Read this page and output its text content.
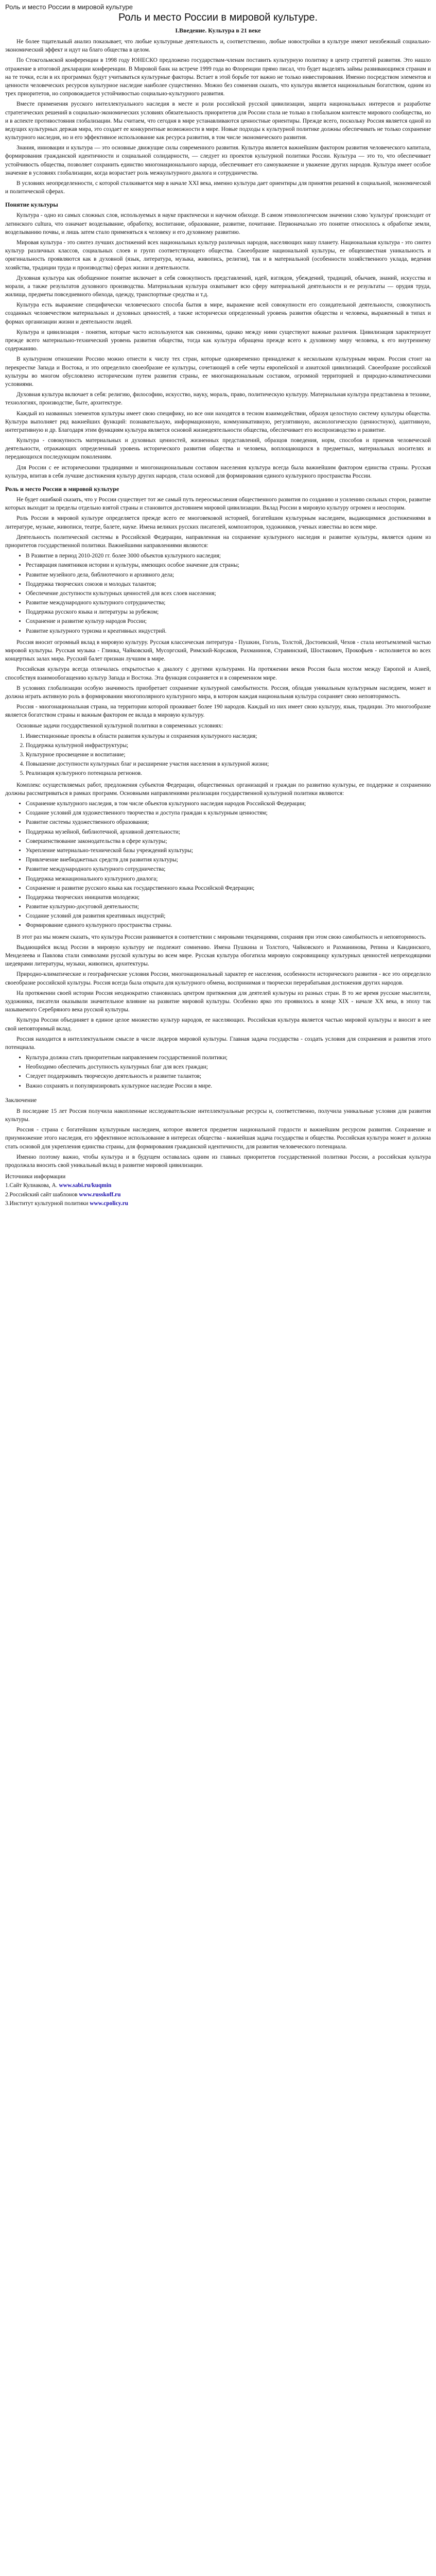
Роль и место России в мировой культуре
Роль и место России в мировой культуре.
I.Введение. Культура в 21 веке

Не более тщательный анализ показывает, что любые культурные деятельность и, соответственно, любые новостройки в культуре имеют неизбежный социально-экономический эффект и идут на благо общества в целом.

По Стокгольмской конференции в 1998 году ЮНЕСКО предложено государствам-членам поставить культурную политику в центр стратегий развития. Это нашло отражение в итоговой декларации конференции. В Мировой банк на встрече 1999 года во Флоренции прямо писал, что будет выделять займы развивающимся странам и на те точки, если в их программах будут учитываться культурные факторы. Встает в этой борьбе тот важно не только инвестирования. Именно посредством элементов и ценности человеческих ресурсов культурное наследие наиболее существенно. Можно без сомнения сказать, что культура является национальным богатством, одним из трех приоритетов, но сопровождается устойчивостью социально-культурного развития.

Вместе применения русского интеллектуального наследия в месте и роли российской русской цивилизации, защита национальных интересов и разработке стратегических решений в социально-экономических условиях обязательность приоритетов для России стала не только в глобальном контексте мирового сообщества, но и в аспекте противостояния глобализации. Мы считаем, что сегодня в мире устанавливаются ценностные ориентиры. Прежде всего, поскольку Россия является одной из ведущих культурных держав мира, это создает ее конкурентные возможности в мире. Новые подходы к культурной политике должны обеспечивать не только сохранение культурного наследия, но и его эффективное использование как ресурса развития, в том числе экономического развития.

Знания, инновации и культура — это основные движущие силы современного развития. Культура является важнейшим фактором развития человеческого капитала, формирования гражданской идентичности и социальной солидарности, — следует из проектов культурной политики России. Культура — это то, что обеспечивает устойчивость общества, позволяет сохранить единство многонационального народа, обеспечивает его самоуважение и уважение других народов. Культура имеет особое значение в условиях глобализации, когда возрастает роль межкультурного диалога и сотрудничества.

В условиях неопределенности, с которой сталкивается мир в начале XXI века, именно культура дает ориентиры для принятия решений в социальной, экономической и политической сферах.

Понятие культуры

Культура - одно из самых сложных слов, используемых в науке практически и научном обиходе. В самом этимологическом значении слово 'культура' происходит от латинского cultura, что означает возделывание, обработку, воспитание, образование, развитие, почитание. Первоначально это понятие относилось к обработке земли, возделыванию почвы, и лишь затем стало применяться к человеку и его духовному развитию.

Мировая культура - это синтез лучших достижений всех национальных культур различных народов, населяющих нашу планету. Национальная культура - это синтез культур различных классов, социальных слоев и групп соответствующего общества. Своеобразие национальной культуры, ее общеизвестная уникальность и оригинальность проявляются как в духовной (язык, литература, музыка, живопись, религия), так и в материальной (особенности хозяйственного уклада, ведения хозяйства, традиции труда и производства) сферах жизни и деятельности.

Духовная культура как обобщенное понятие включает в себя совокупность представлений, идей, взглядов, убеждений, традиций, обычаев, знаний, искусства и морали, а также результатов духовного производства. Материальная культура охватывает всю сферу материальной деятельности и ее результаты — орудия труда, жилища, предметы повседневного обихода, одежду, транспортные средства и т.д.

Культура есть выражение специфически человеческого способа бытия в мире, выражение всей совокупности его созидательной деятельности, совокупность созданных человечеством материальных и духовных ценностей, а также исторически определенный уровень развития общества и человека, выраженный в типах и формах организации жизни и деятельности людей.

Культура и цивилизация - понятия, которые часто используются как синонимы, однако между ними существуют важные различия. Цивилизация характеризует прежде всего материально-технический уровень развития общества, тогда как культура обращена прежде всего к духовному миру человека, к его внутреннему содержанию.

В культурном отношении Россию можно отнести к числу тех стран, которые одновременно принадлежат к нескольким культурным мирам. Россия стоит на перекрестке Запада и Востока, и это определило своеобразие ее культуры, сочетающей в себе черты европейской и азиатской цивилизаций. Своеобразие российской культуры во многом обусловлено историческим путем развития страны, ее многонациональным составом, огромной территорией и природно-климатическими условиями.

Духовная культура включает в себя: религию, философию, искусство, науку, мораль, право, политическую культуру. Материальная культура представлена в технике, технологиях, производстве, быте, архитектуре.

Каждый из названных элементов культуры имеет свою специфику, но все они находятся в тесном взаимодействии, образуя целостную систему культуры общества. Культура выполняет ряд важнейших функций: познавательную, информационную, коммуникативную, регулятивную, аксиологическую (ценностную), адаптивную, интегративную и др. Благодаря этим функциям культура является основой жизнедеятельности общества, обеспечивает его воспроизводство и развитие.

Культура - совокупность материальных и духовных ценностей, жизненных представлений, образцов поведения, норм, способов и приемов человеческой деятельности, отражающих определенный уровень исторического развития общества и человека, воплощающихся в предметных, материальных носителях и передающихся последующим поколениям.

Для России с ее историческими традициями и многонациональным составом населения культура всегда была важнейшим фактором единства страны. Русская культура, впитав в себя лучшие достижения культур других народов, стала основой для формирования единого культурного пространства России.

Роль и место России в мировой культуре

Не будет ошибкой сказать, что у России существует тот же самый путь переосмысления общественного развития по созданию и усилению сильных сторон, развитие которых выходит за пределы отдельно взятой страны и становится достоянием мировой цивилизации. Вклад России в мировую культуру огромен и неоспорим.

Роль России в мировой культуре определяется прежде всего ее многовековой историей, богатейшим культурным наследием, выдающимися достижениями в литературе, музыке, живописи, театре, балете, науке. Имена великих русских писателей, композиторов, художников, ученых известны во всем мире.

Деятельность политической системы в Российской Федерации, направленная на сохранение культурного наследия и развитие культуры, является одним из приоритетов государственной политики. Важнейшими направлениями являются:

• В Развитие в период 2010-2020 гг. более 3000 объектов культурного наследия;
• Реставрация памятников истории и культуры, имеющих особое значение для страны;
• Развитие музейного дела, библиотечного и архивного дела;
• Поддержка творческих союзов и молодых талантов;
• Обеспечение доступности культурных ценностей для всех слоев населения;
• Развитие международного культурного сотрудничества;
• Поддержка русского языка и литературы за рубежом;
• Сохранение и развитие культур народов России;
• Развитие культурного туризма и креативных индустрий.

Россия вносит огромный вклад в мировую культуру. Русская классическая литература - Пушкин, Гоголь, Толстой, Достоевский, Чехов - стала неотъемлемой частью мировой культуры. Русская музыка - Глинка, Чайковский, Мусоргский, Римский-Корсаков, Рахманинов, Стравинский, Шостакович, Прокофьев - исполняется во всех концертных залах мира. Русский балет признан лучшим в мире.

Российская культура всегда отличалась открытостью к диалогу с другими культурами. На протяжении веков Россия была мостом между Европой и Азией, способствуя взаимообогащению культур Запада и Востока. Эта функция сохраняется и в современном мире.

В условиях глобализации особую значимость приобретает сохранение культурной самобытности. Россия, обладая уникальным культурным наследием, может и должна играть активную роль в формировании многополярного культурного мира, в котором каждая национальная культура сохраняет свою неповторимость.

Россия - многонациональная страна, на территории которой проживает более 190 народов. Каждый из них имеет свою культуру, язык, традиции. Это многообразие является богатством страны и важным фактором ее вклада в мировую культуру.

Основные задачи государственной культурной политики в современных условиях:

1. Инвестиционные проекты в области развития культуры и сохранения культурного наследия;
2. Поддержка культурной инфраструктуры;
3. Культурное просвещение и воспитание;
4. Повышение доступности культурных благ и расширение участия населения в культурной жизни;
5. Реализация культурного потенциала регионов.

Комплекс осуществляемых работ, предложения субъектов Федерации, общественных организаций и граждан по развитию культуры, ее поддержке и сохранению должны рассматриваться в рамках программ. Основными направлениями реализации государственной культурной политики являются:

• Сохранение культурного наследия, в том числе объектов культурного наследия народов Российской Федерации;
• Создание условий для художественного творчества и доступа граждан к культурным ценностям;
• Развитие системы художественного образования;
• Поддержка музейной, библиотечной, архивной деятельности;
• Совершенствование законодательства в сфере культуры;
• Укрепление материально-технической базы учреждений культуры;
• Привлечение внебюджетных средств для развития культуры;
• Развитие международного культурного сотрудничества;
• Поддержка межнационального культурного диалога;
• Сохранение и развитие русского языка как государственного языка Российской Федерации;
• Поддержка творческих инициатив молодежи;
• Развитие культурно-досуговой деятельности;
• Создание условий для развития креативных индустрий;
• Формирование единого культурного пространства страны.

В этот раз мы можем сказать, что культура России развивается в соответствии с мировыми тенденциями, сохраняя при этом свою самобытность и неповторимость.

Выдающийся вклад России в мировую культуру не подлежит сомнению. Имена Пушкина и Толстого, Чайковского и Рахманинова, Репина и Кандинского, Менделеева и Павлова стали символами русской культуры во всем мире. Русская культура обогатила мировую сокровищницу культурных ценностей непреходящими шедеврами литературы, музыки, живописи, архитектуры.

Природно-климатические и географические условия России, многонациональный характер ее населения, особенности исторического развития - все это определило своеобразие российской культуры. Россия всегда была открыта для культурного обмена, воспринимая и творчески перерабатывая достижения других народов.

На протяжении своей истории Россия неоднократно становилась центром притяжения для деятелей культуры из разных стран. В то же время русские мыслители, художники, писатели оказывали значительное влияние на развитие мировой культуры. Особенно ярко это проявилось в конце XIX - начале XX века, в эпоху так называемого Серебряного века русской культуры.

Культура России объединяет в единое целое множество культур народов, ее населяющих. Российская культура является частью мировой культуры и вносит в нее свой неповторимый вклад.

Россия находится в интеллектуальном смысле в числе лидеров мировой культуры. Главная задача государства - создать условия для сохранения и развития этого потенциала.

• Культура должна стать приоритетным направлением государственной политики;
• Необходимо обеспечить доступность культурных благ для всех граждан;
• Следует поддерживать творческую деятельность и развитие талантов;
• Важно сохранять и популяризировать культурное наследие России в мире.
Заключение

В последние 15 лет Россия получила накопленные исследовательские интеллектуальные ресурсы и, соответственно, получила уникальные условия для развития культуры.

Россия - страна с богатейшим культурным наследием, которое является предметом национальной гордости и важнейшим ресурсом развития. Сохранение и приумножение этого наследия, его эффективное использование в интересах общества - важнейшая задача государства и общества. Российская культура может и должна стать основой для укрепления единства страны, для формирования гражданской идентичности, для развития человеческого потенциала.

Именно поэтому важно, чтобы культура и в будущем оставалась одним из главных приоритетов государственной политики России, а российская культура продолжала вносить свой уникальный вклад в развитие мировой цивилизации.

Источники информации
1.Сайт Кулиакова, А. www.sabi.ru/kuqmin
2.Российский сайт шаблонов www.russkoff.ru
3.Институт культурной политики www.cpolicy.ru
